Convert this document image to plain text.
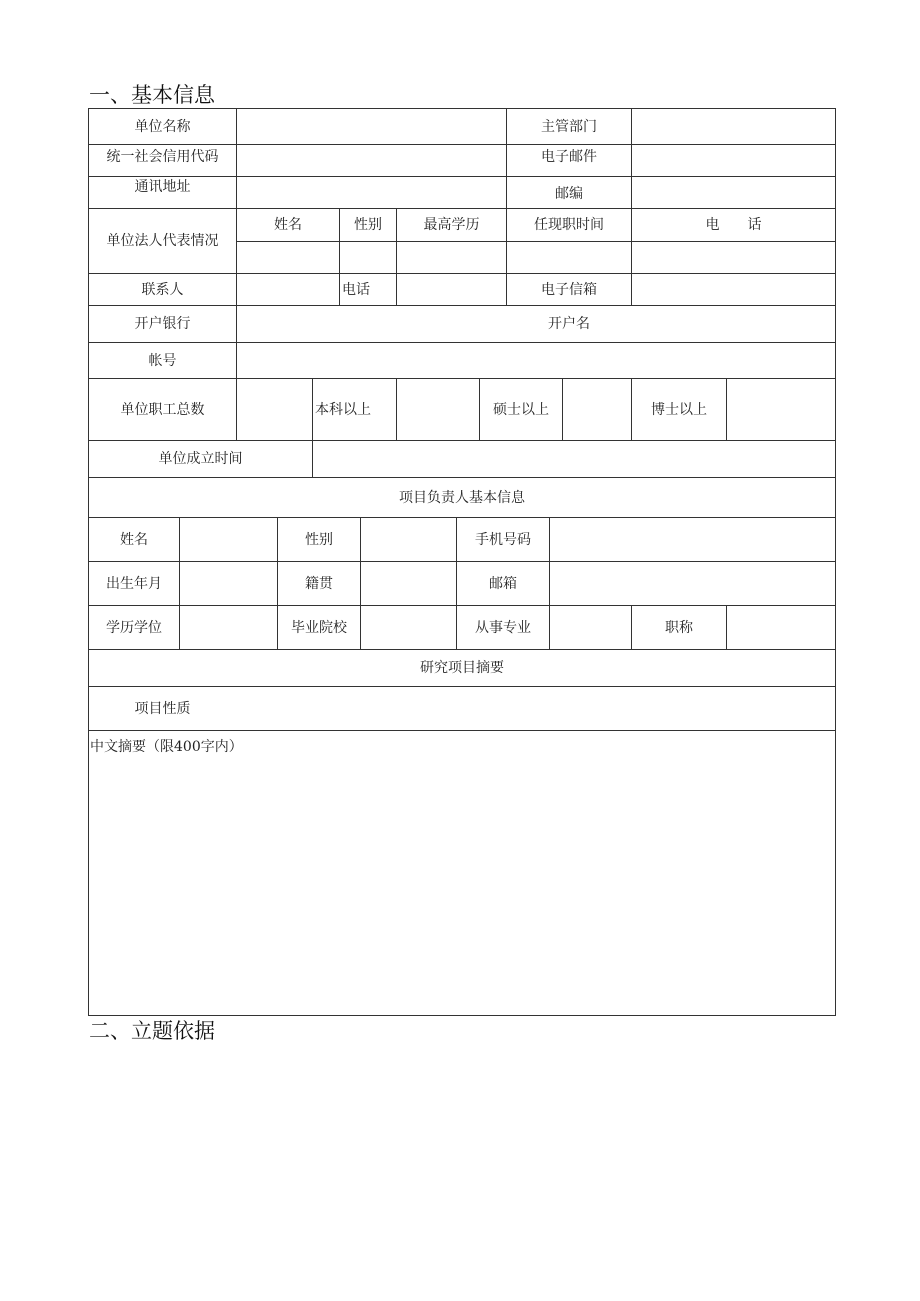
一、基本信息
单位名称	主管部门
统一社会信用代码	电子邮件
通讯地址	邮编
单位法人代表情况
姓名	性别	最高学历	任现职时间	电　　话
联系人	电话	电子信箱
开户银行	开户名
帐号
单位职工总数	本科以上	硕士以上	博士以上
单位成立时间
项目负责人基本信息
姓名	性别	手机号码
出生年月	籍贯	邮箱
学历学位	毕业院校	从事专业	职称
研究项目摘要
项目性质
中文摘要（限400字内）
二、立题依据
